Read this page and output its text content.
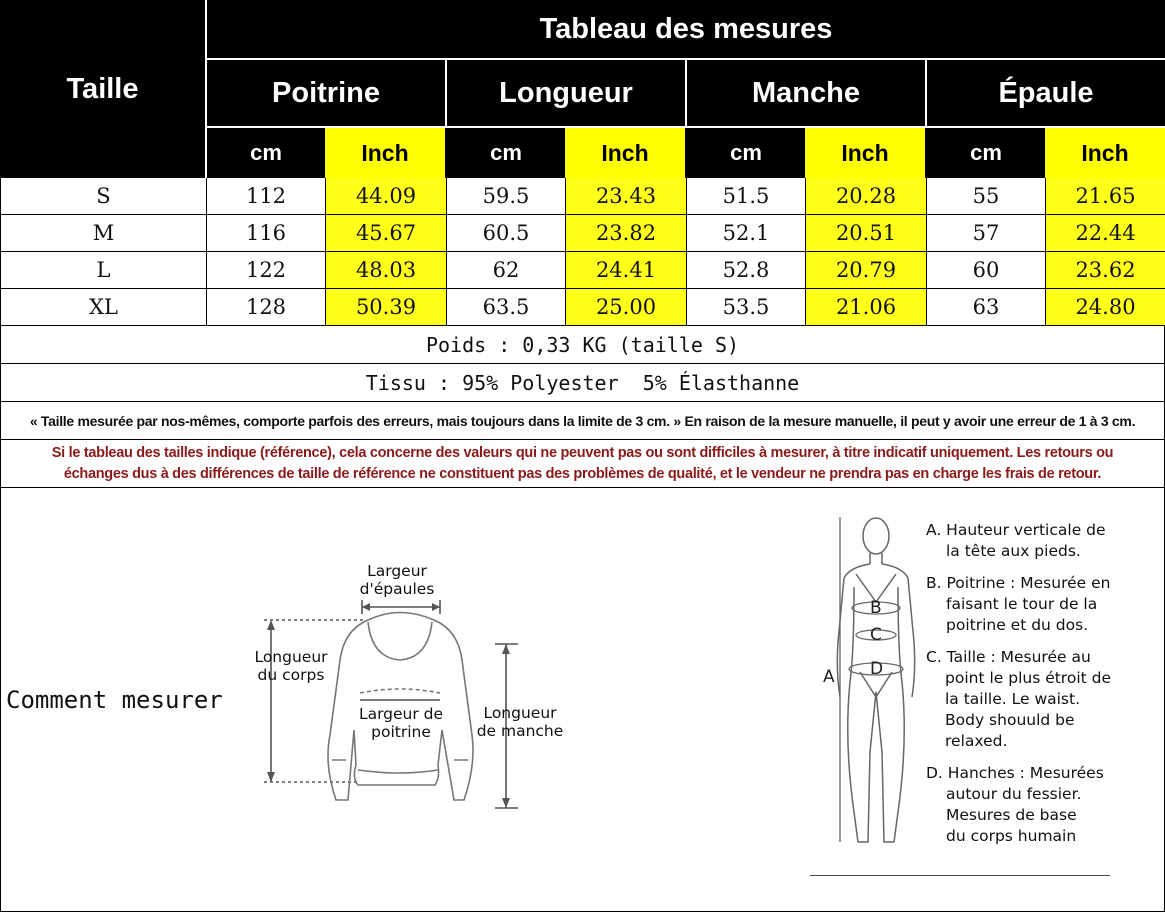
Taille
Tableau des mesures
Poitrine	Longueur	Manche	Épaule
cm	Inch	cm	Inch	cm	Inch	cm	Inch
S	112	44.09	59.5	23.43	51.5	20.28	55	21.65
M	116	45.67	60.5	23.82	52.1	20.51	57	22.44
L	122	48.03	62	24.41	52.8	20.79	60	23.62
XL	128	50.39	63.5	25.00	53.5	21.06	63	24.80
Poids : 0,33 KG (taille S)
Tissu : 95% Polyester  5% Élasthanne
« Taille mesurée par nos-mêmes, comporte parfois des erreurs, mais toujours dans la limite de 3 cm. » En raison de la mesure manuelle, il peut y avoir une erreur de 1 à 3 cm.
Si le tableau des tailles indique (référence), cela concerne des valeurs qui ne peuvent pas ou sont difficiles à mesurer, à titre indicatif uniquement. Les retours ou
échanges dus à des différences de taille de référence ne constituent pas des problèmes de qualité, et le vendeur ne prendra pas en charge les frais de retour.
Comment mesurer
Largeur
d'épaules
Longueur
du corps
Largeur de
poitrine
Longueur
de manche
B
C
D
A
A. Hauteur verticale de
la tête aux pieds.
B. Poitrine : Mesurée en
faisant le tour de la
poitrine et du dos.
C. Taille : Mesurée au
point le plus étroit de
la taille. Le waist.
Body shouuld be
relaxed.
D. Hanches : Mesurées
autour du fessier.
Mesures de base
du corps humain
